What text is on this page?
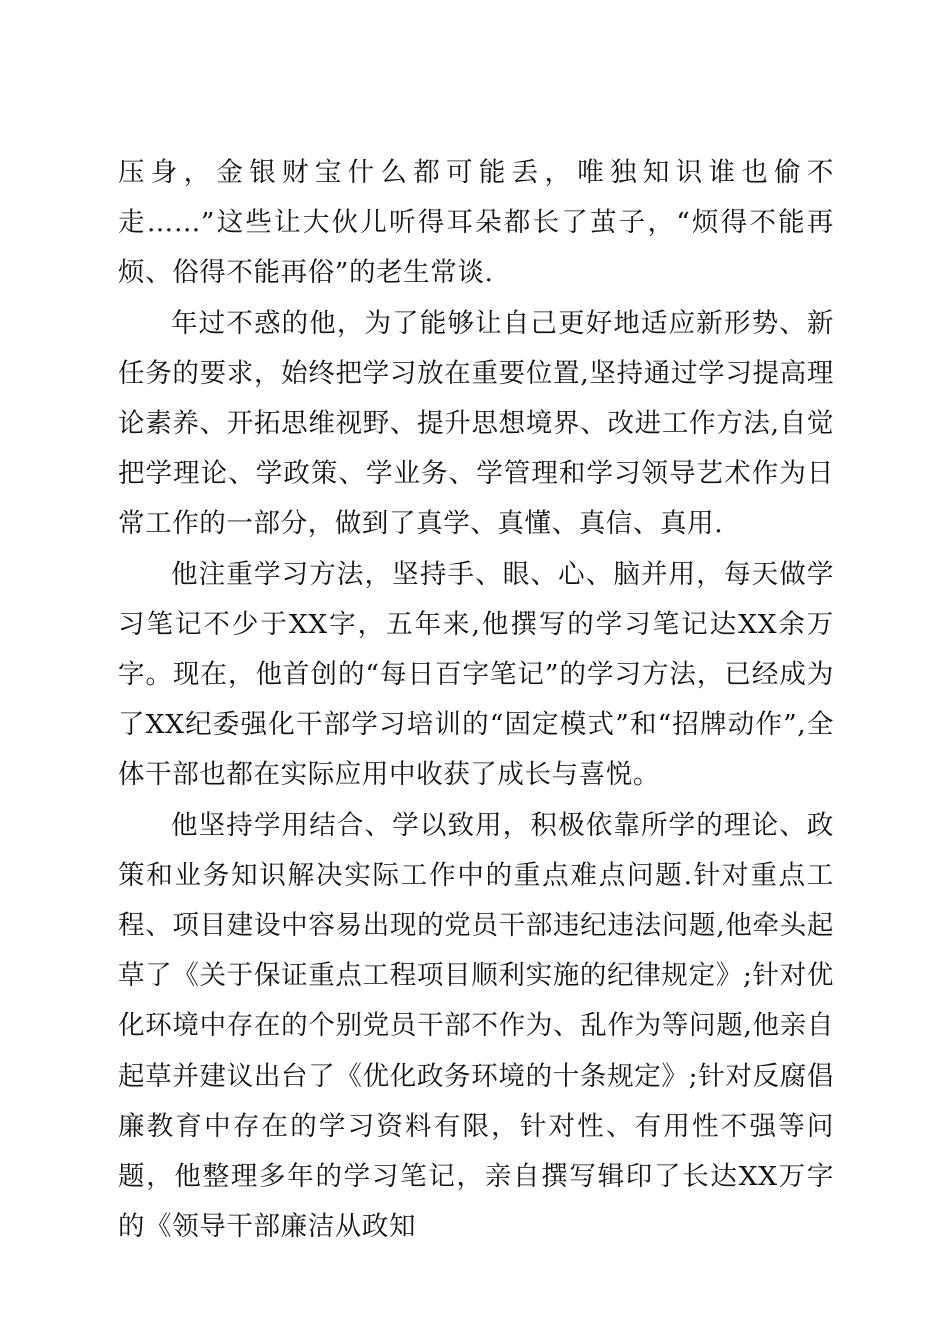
压身，金银财宝什么都可能丢，唯独知识谁也偷不走……”这些让大伙儿听得耳朵都长了茧子，“烦得不能再烦、俗得不能再俗”的老生常谈.

年过不惑的他，为了能够让自己更好地适应新形势、新任务的要求，始终把学习放在重要位置,坚持通过学习提高理论素养、开拓思维视野、提升思想境界、改进工作方法,自觉把学理论、学政策、学业务、学管理和学习领导艺术作为日常工作的一部分，做到了真学、真懂、真信、真用.

他注重学习方法，坚持手、眼、心、脑并用，每天做学习笔记不少于XX字，五年来,他撰写的学习笔记达XX余万字。现在，他首创的“每日百字笔记”的学习方法，已经成为了XX纪委强化干部学习培训的“固定模式”和“招牌动作”,全体干部也都在实际应用中收获了成长与喜悦。

他坚持学用结合、学以致用，积极依靠所学的理论、政策和业务知识解决实际工作中的重点难点问题.针对重点工程、项目建设中容易出现的党员干部违纪违法问题,他牵头起草了《关于保证重点工程项目顺利实施的纪律规定》;针对优化环境中存在的个别党员干部不作为、乱作为等问题,他亲自起草并建议出台了《优化政务环境的十条规定》;针对反腐倡廉教育中存在的学习资料有限，针对性、有用性不强等问题，他整理多年的学习笔记，亲自撰写辑印了长达XX万字的《领导干部廉洁从政知
